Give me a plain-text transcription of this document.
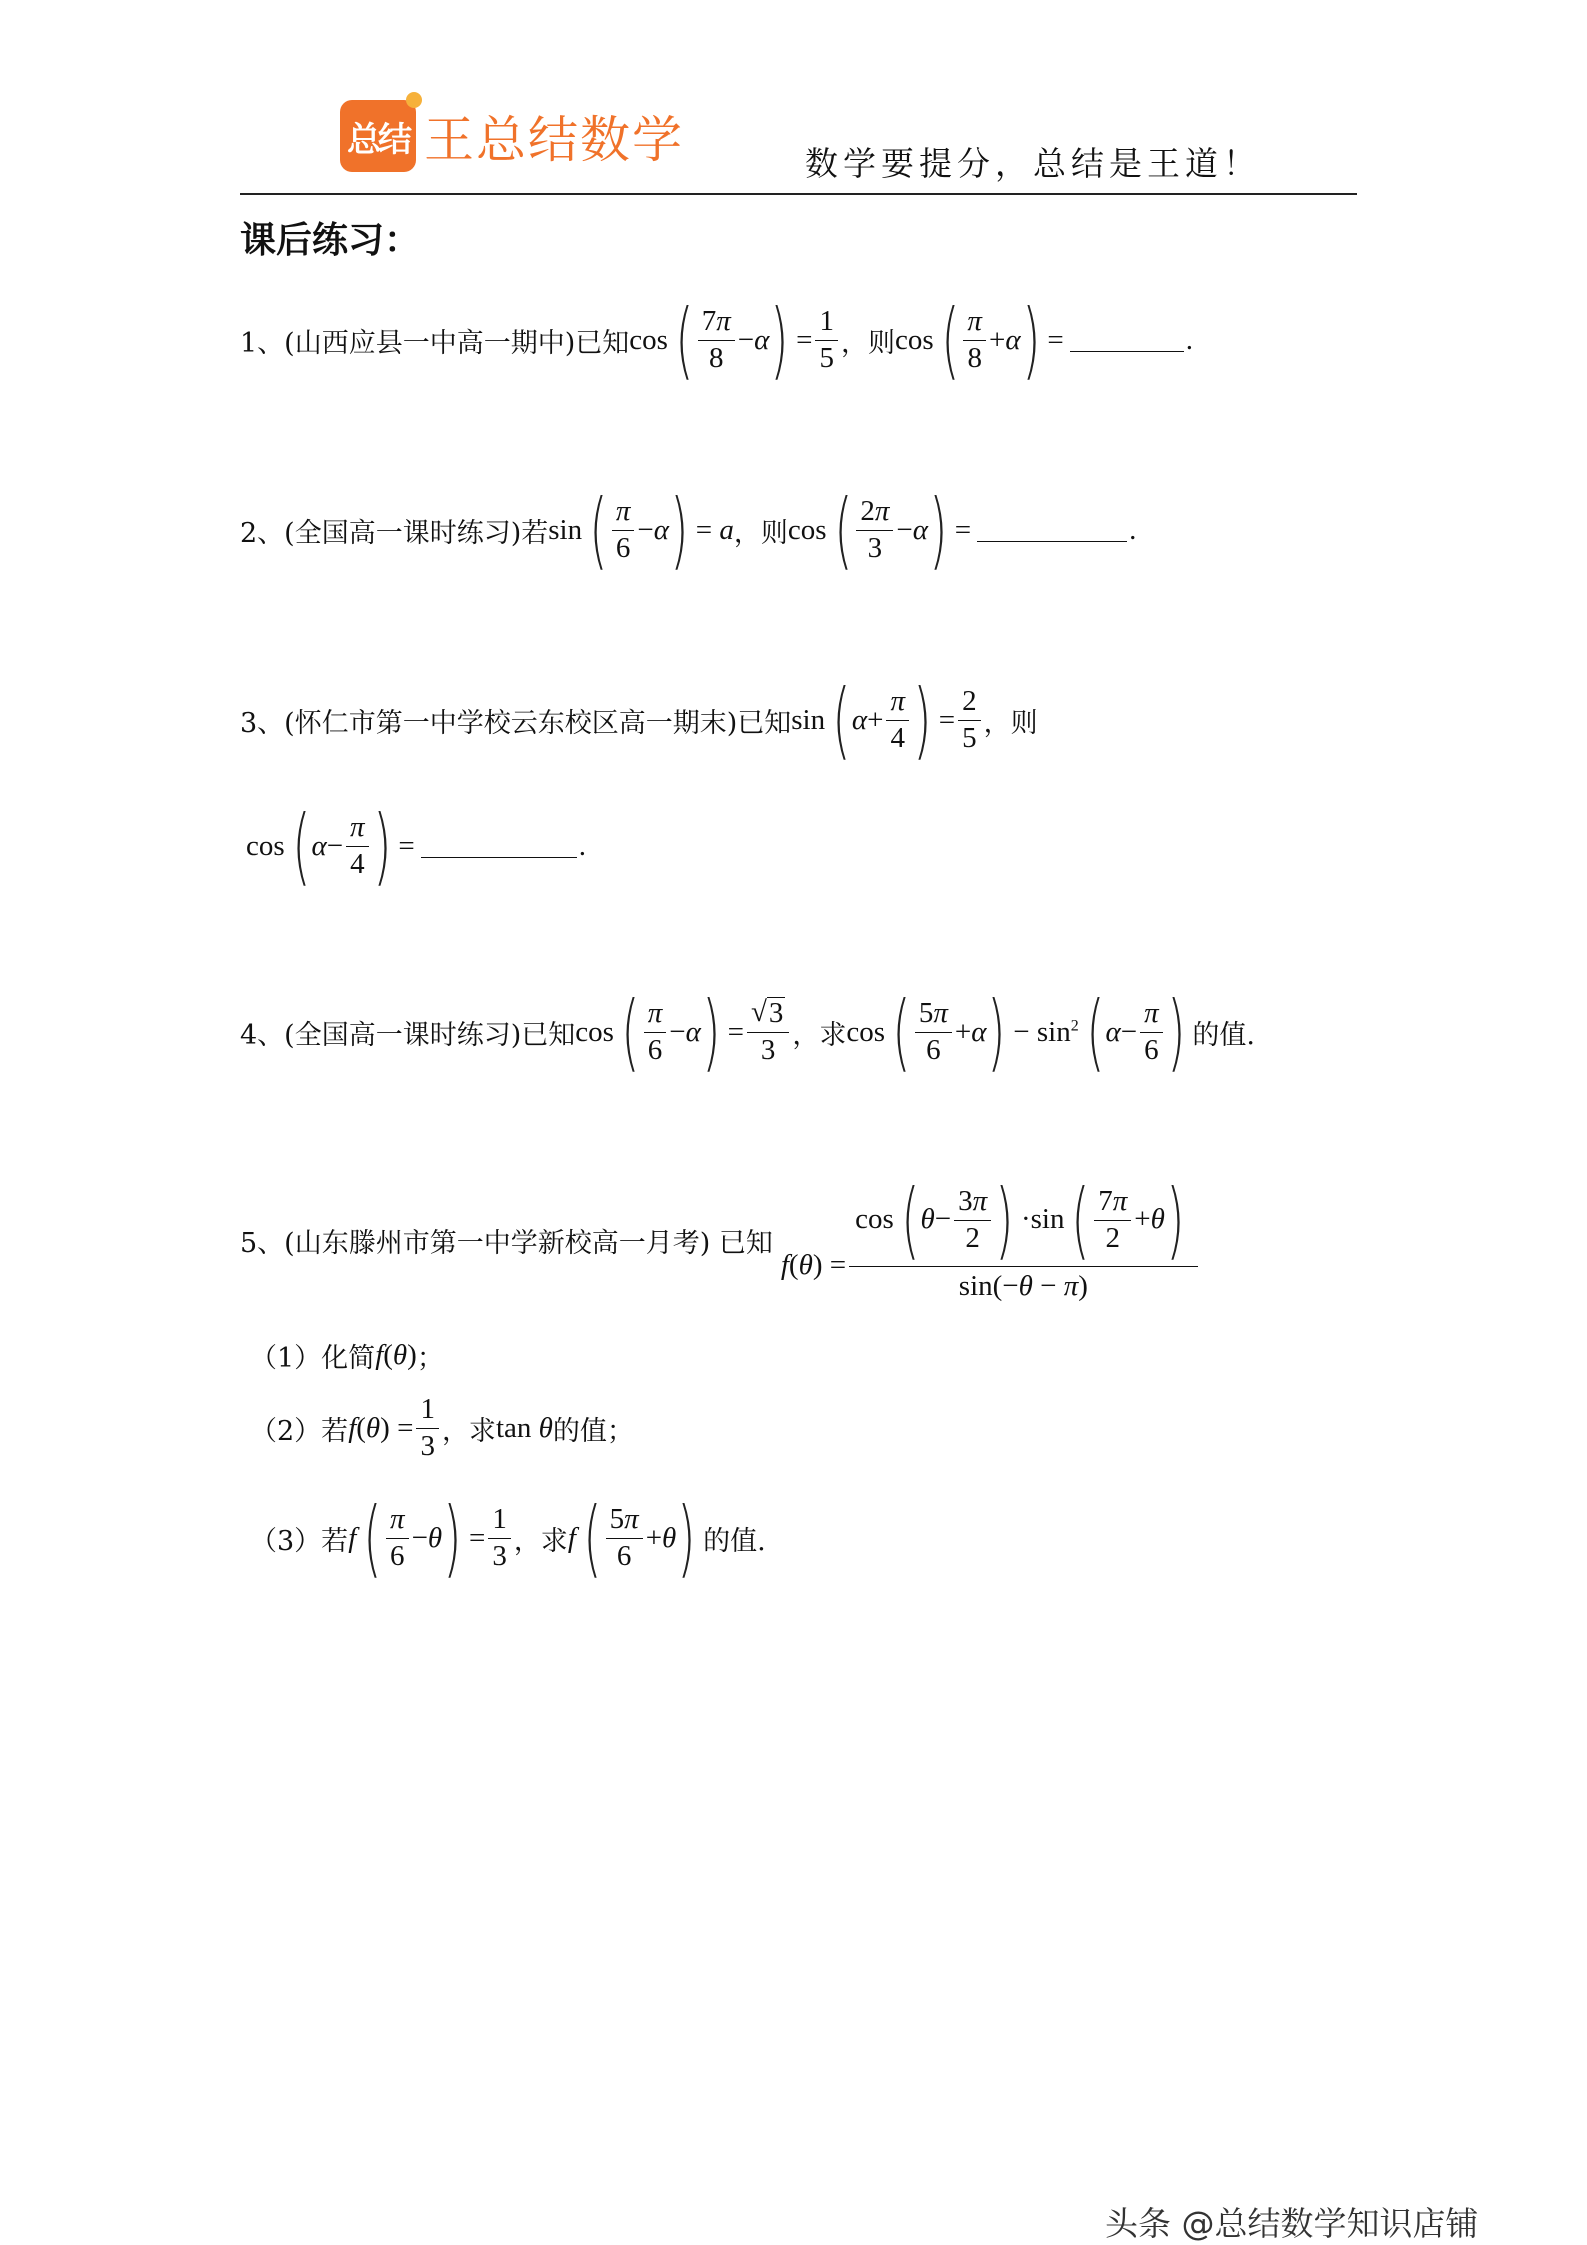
总结 王总结数学	数学要提分，总结是王道！
课后练习：
1、(山西应县一中高一期中)已知 cos ( $\frac{7\pi}{8} - \alpha$
) = $\frac{1}{5}$ ，则 cos ( $\frac{\pi}{8} + \alpha$
) =	.
2、(全国高一课时练习)若 sin ( $\frac{\pi}{6} - \alpha$
) = a ，则 cos ( $\frac{2\pi}{3} - \alpha$
) =	.
3、(怀仁市第一中学校云东校区高一期末)已知 sin ( $\alpha + \frac{\pi}{4}$
) = $\frac{2}{5}$ ，则
cos ( $\alpha - \frac{\pi}{4}$
) =	.
4、(全国高一课时练习)已知 cos ( $\frac{\pi}{6} - \alpha$
) = $\frac{√ 3}{3}$ ，求 cos ( $\frac{5\pi}{6} + \alpha$
) − $\sin^2$ ( $\alpha - \frac{\pi}{6}$
) 的值.
5、(山东滕州市第一中学新校高一月考) 已知
f(θ) =
cos ( $\theta - \frac{3\pi}{2}$
) ·sin ( $\frac{7\pi}{2} + \theta$
)
sin(−θ − π)
（1）化简 f(θ) ；
（2）若 $f(\theta) = \frac{1}{3}$ ，求 tan θ 的值；
（3）若 f ( $\frac{\pi}{6} - \theta$
) = $\frac{1}{3}$ ，求 f ( $\frac{5\pi}{6} + \theta$
) 的值.
头条 @总结数学知识店铺
